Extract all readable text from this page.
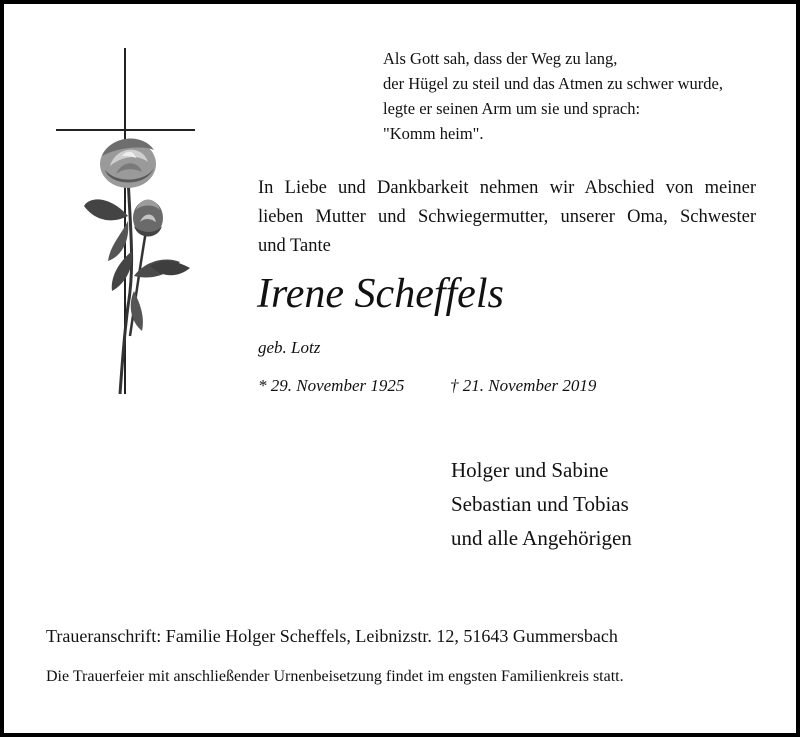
Als Gott sah, dass der Weg zu lang,
der Hügel zu steil und das Atmen zu schwer wurde,
legte er seinen Arm um sie und sprach:
"Komm heim".
In Liebe und Dankbarkeit nehmen wir Abschied von meiner
lieben Mutter und Schwiegermutter, unserer Oma, Schwester
und Tante
Irene Scheffels
geb. Lotz
* 29. November 1925	† 21. November 2019
Holger und Sabine
Sebastian und Tobias
und alle Angehörigen
Traueranschrift: Familie Holger Scheffels, Leibnizstr. 12, 51643 Gummersbach
Die Trauerfeier mit anschließender Urnenbeisetzung findet im engsten Familienkreis statt.
